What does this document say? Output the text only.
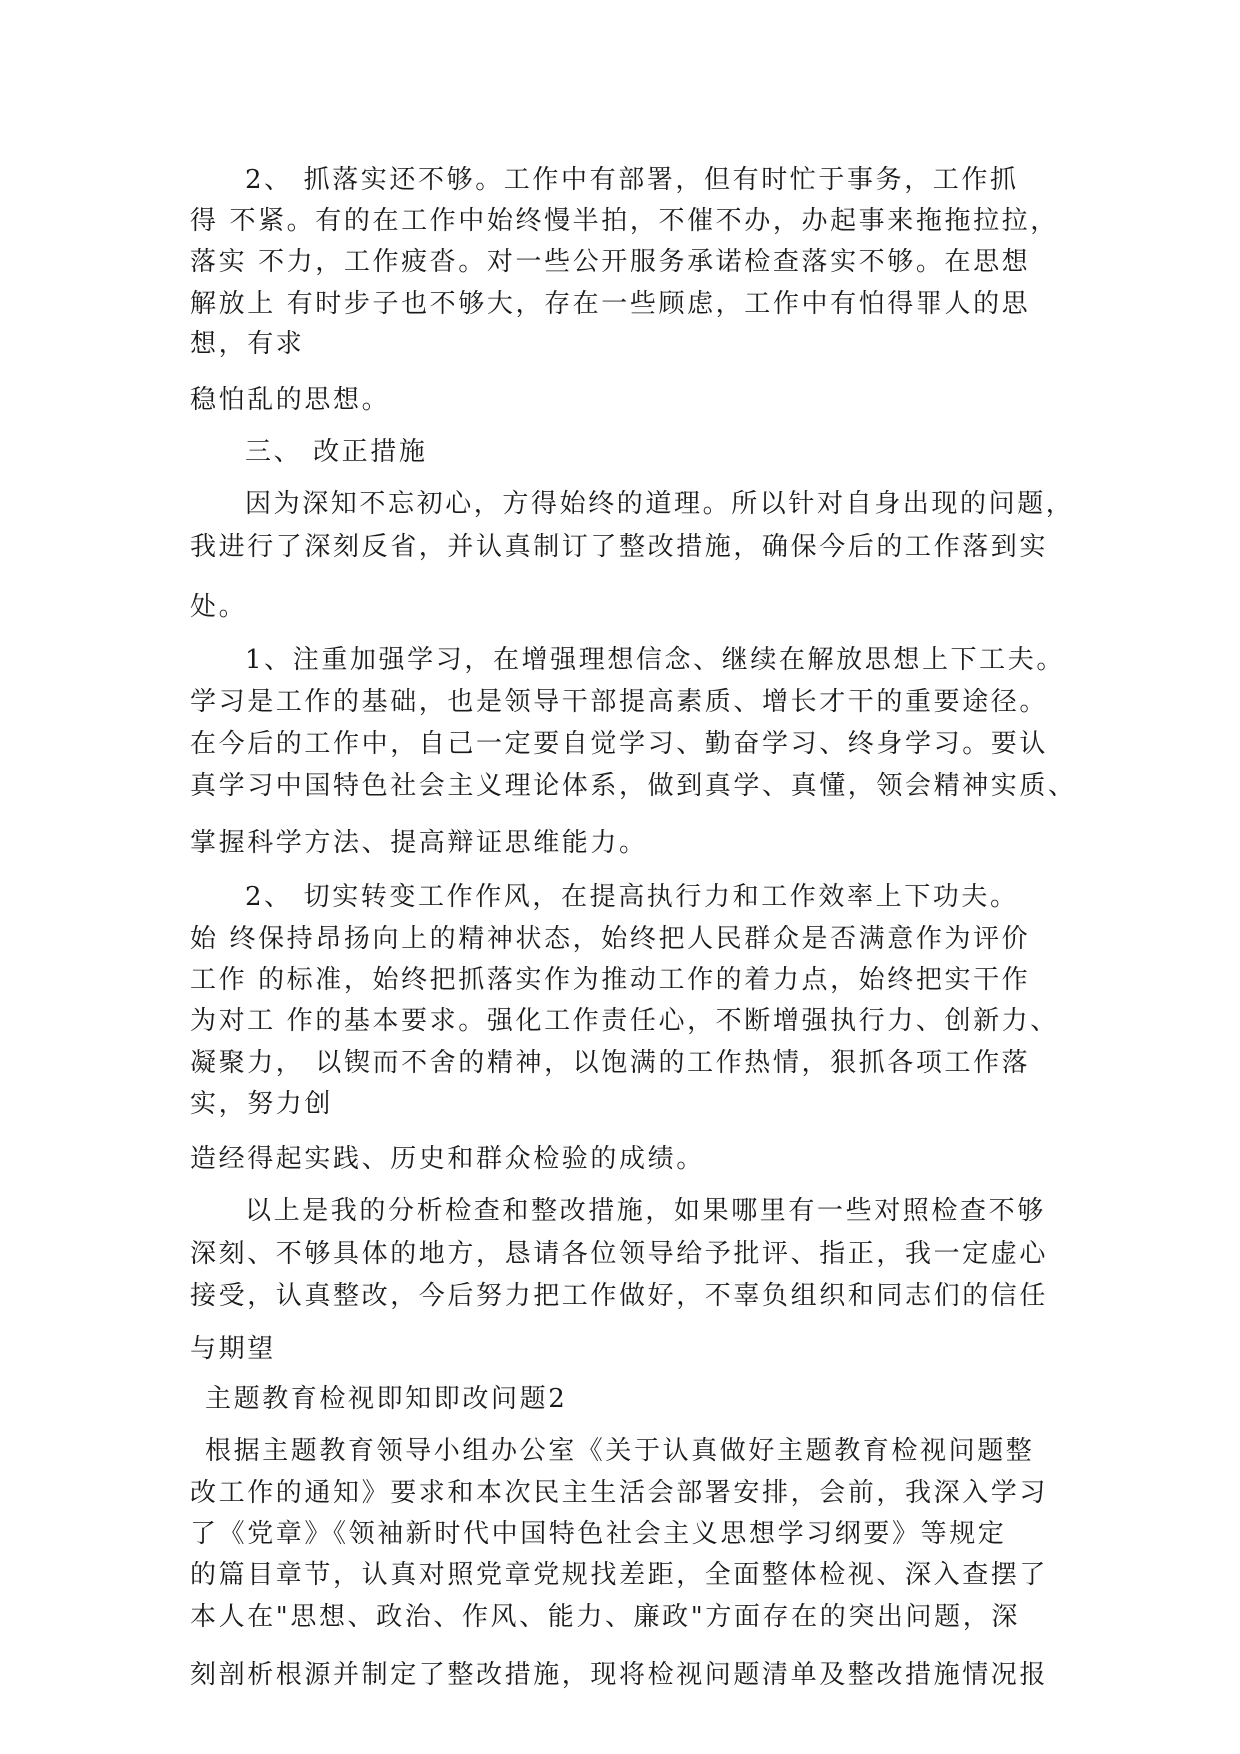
2、 抓落实还不够。工作中有部署，但有时忙于事务，工作抓
得 不紧。有的在工作中始终慢半拍，不催不办，办起事来拖拖拉拉，
落实 不力，工作疲沓。对一些公开服务承诺检查落实不够。在思想
解放上 有时步子也不够大，存在一些顾虑，工作中有怕得罪人的思
想，有求
稳怕乱的思想。
三、 改正措施
因为深知不忘初心，方得始终的道理。所以针对自身出现的问题，
我进行了深刻反省，并认真制订了整改措施，确保今后的工作落到实
处。
1、注重加强学习，在增强理想信念、继续在解放思想上下工夫。
学习是工作的基础，也是领导干部提高素质、增长才干的重要途径。
在今后的工作中，自己一定要自觉学习、勤奋学习、终身学习。要认
真学习中国特色社会主义理论体系，做到真学、真懂，领会精神实质、
掌握科学方法、提高辩证思维能力。
2、 切实转变工作作风，在提高执行力和工作效率上下功夫。
始 终保持昂扬向上的精神状态，始终把人民群众是否满意作为评价
工作 的标准，始终把抓落实作为推动工作的着力点，始终把实干作
为对工 作的基本要求。强化工作责任心，不断增强执行力、创新力、
凝聚力， 以锲而不舍的精神，以饱满的工作热情，狠抓各项工作落
实，努力创
造经得起实践、历史和群众检验的成绩。
以上是我的分析检查和整改措施，如果哪里有一些对照检查不够
深刻、不够具体的地方，恳请各位领导给予批评、指正，我一定虚心
接受，认真整改，今后努力把工作做好，不辜负组织和同志们的信任
与期望
主题教育检视即知即改问题2
根据主题教育领导小组办公室《关于认真做好主题教育检视问题整
改工作的通知》要求和本次民主生活会部署安排，会前，我深入学习
了《党章》《领袖新时代中国特色社会主义思想学习纲要》等规定
的篇目章节，认真对照党章党规找差距，全面整体检视、深入查摆了
本人在"思想、政治、作风、能力、廉政"方面存在的突出问题，深
刻剖析根源并制定了整改措施，现将检视问题清单及整改措施情况报
